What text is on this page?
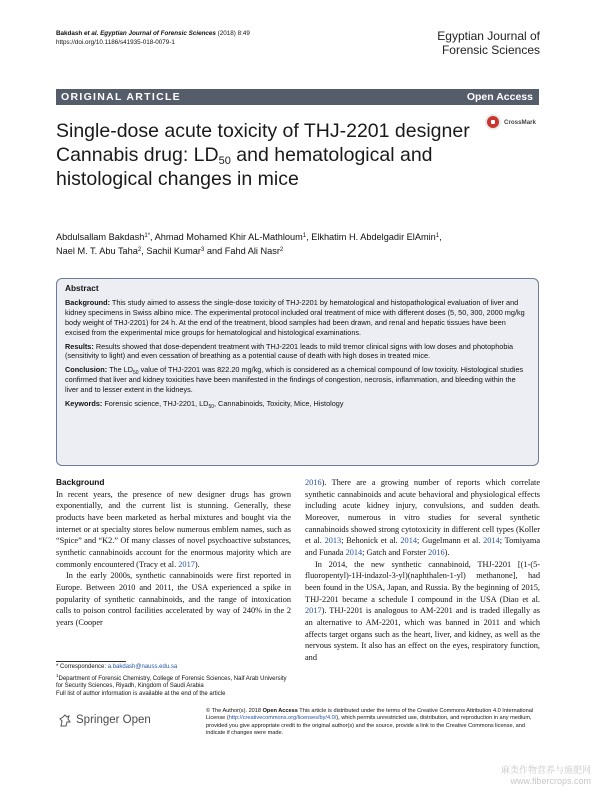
Bakdash et al. Egyptian Journal of Forensic Sciences (2018) 8:49
https://doi.org/10.1186/s41935-018-0079-1	Egyptian Journal of
Forensic Sciences
ORIGINAL ARTICLE	Open Access
Single-dose acute toxicity of THJ-2201 designer Cannabis drug: $LD_{50}$ and hematological and histological changes in mice
CrossMark
Abdulsallam Bakdash$^{1*}$, Ahmad Mohamed Khir AL-Mathloum$^1$, Elkhatim H. Abdelgadir ElAmin$^1$,
Nael M. T. Abu Taha$^2$, Sachil Kumar$^3$ and Fahd Ali Nasr$^2$
Abstract

Background: This study aimed to assess the single-dose toxicity of THJ-2201 by hematological and histopathological evaluation of liver and kidney specimens in Swiss albino mice. The experimental protocol included oral treatment of mice with different doses (5, 50, 300, 2000 mg/kg body weight of THJ-2201) for 24 h. At the end of the treatment, blood samples had been drawn, and renal and hepatic tissues have been excised from the experimental mice groups for hematological and histological examinations.

Results: Results showed that dose-dependent treatment with THJ-2201 leads to mild tremor clinical signs with low doses and photophobia (sensitivity to light) and even cessation of breathing as a potential cause of death with high doses in treated mice.

Conclusion: The $LD_{50}$ value of THJ-2201 was 822.20 mg/kg, which is considered as a chemical compound of low toxicity. Histological studies confirmed that liver and kidney toxicities have been manifested in the findings of congestion, necrosis, inflammation, and bleeding within the liver and to lesser extent in the kidneys.

Keywords: Forensic science, THJ-2201, $LD_{50}$, Cannabinoids, Toxicity, Mice, Histology

Background

In recent years, the presence of new designer drugs has grown exponentially, and the current list is stunning. Generally, these products have been marketed as herbal mixtures and bought via the internet or at specialty stores below numerous emblem names, such as “Spice” and “K2.” Of many classes of novel psychoactive substances, synthetic cannabinoids account for the enormous majority which are commonly encountered (Tracy et al. 2017).

In the early 2000s, synthetic cannabinoids were first reported in Europe. Between 2010 and 2011, the USA experienced a spike in popularity of synthetic cannabinoids, and the range of intoxication calls to poison control facilities accelerated by way of 240% in the 2 years (Cooper

2016). There are a growing number of reports which correlate synthetic cannabinoids and acute behavioral and physiological effects including acute kidney injury, convulsions, and sudden death. Moreover, numerous in vitro studies for several synthetic cannabinoids showed strong cytotoxicity in different cell types (Koller et al. 2013; Behonick et al. 2014; Gugelmann et al. 2014; Tomiyama and Funada 2014; Gatch and Forster 2016).

In 2014, the new synthetic cannabinoid, THJ-2201 [(1-(5-fluoropentyl)-1H-indazol-3-yl)(naphthalen-1-yl) methanone], had been found in the USA, Japan, and Russia. By the beginning of 2015, THJ-2201 became a schedule I compound in the USA (Diao et al. 2017). THJ-2201 is analogous to AM-2201 and is traded illegally as an alternative to AM-2201, which was banned in 2011 and which affects target organs such as the heart, liver, and kidney, as well as the nervous system. It also has an effect on the eyes, respiratory function, and

* Correspondence: a.bakdash@nauss.edu.sa
$^1$Department of Forensic Chemistry, College of Forensic Sciences, Naif Arab University for Security Sciences, Riyadh, Kingdom of Saudi Arabia
Full list of author information is available at the end of the article
Springer Open
© The Author(s). 2018 Open Access This article is distributed under the terms of the Creative Commons Attribution 4.0 International License (http://creativecommons.org/licenses/by/4.0/), which permits unrestricted use, distribution, and reproduction in any medium, provided you give appropriate credit to the original author(s) and the source, provide a link to the Creative Commons license, and indicate if changes were made.
麻类作物营养与施肥网
www.fibercrops.com
